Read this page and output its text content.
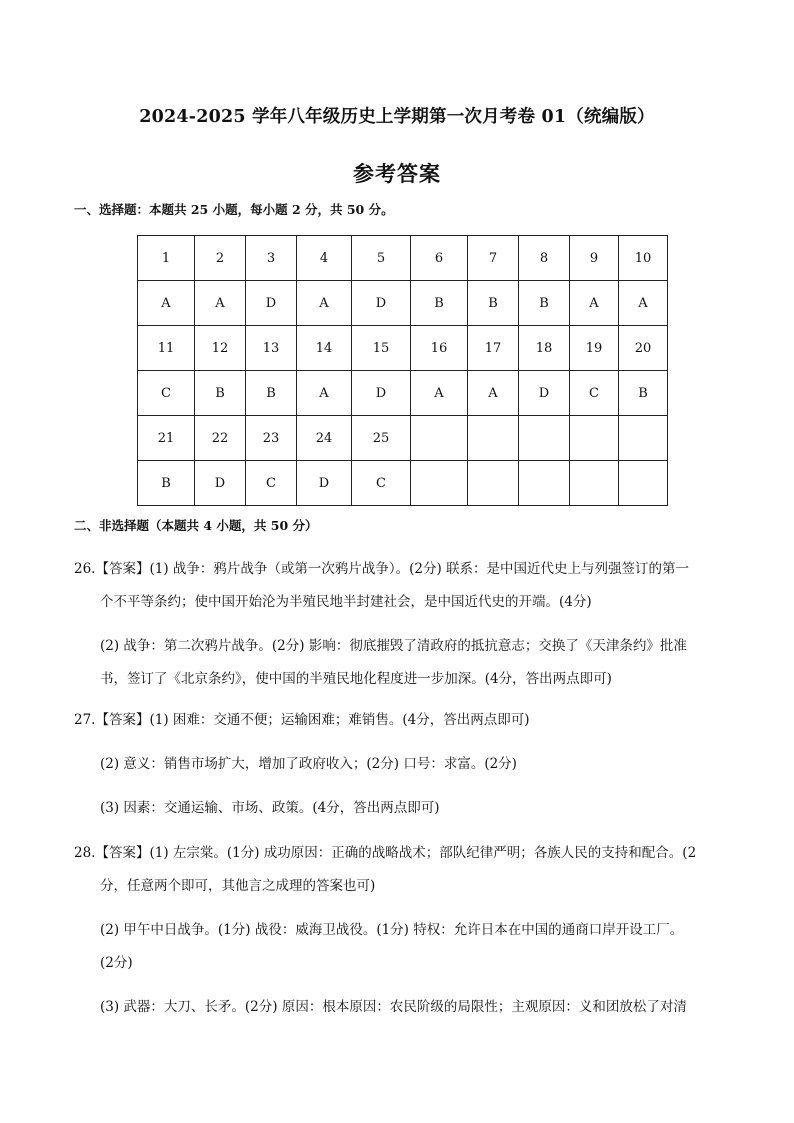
2024-2025 学年八年级历史上学期第一次月考卷 01（统编版）
参考答案
一、选择题：本题共 25 小题，每小题 2 分，共 50 分。
1	2	3	4	5	6	7	8	9	10
A	A	D	A	D	B	B	B	A	A
11	12	13	14	15	16	17	18	19	20
C	B	B	A	D	A	A	D	C	B
21	22	23	24	25					
B	D	C	D	C					
二、非选择题（本题共 4 小题，共 50 分）
26.【答案】(1) 战争：鸦片战争（或第一次鸦片战争）。(2分) 联系：是中国近代史上与列强签订的第一
个不平等条约；使中国开始沦为半殖民地半封建社会，是中国近代史的开端。(4分)
(2) 战争：第二次鸦片战争。(2分) 影响：彻底摧毁了清政府的抵抗意志；交换了《天津条约》批准
书，签订了《北京条约》，使中国的半殖民地化程度进一步加深。(4分，答出两点即可)
27.【答案】(1) 困难：交通不便；运输困难；难销售。(4分，答出两点即可)
(2) 意义：销售市场扩大，增加了政府收入；(2分) 口号：求富。(2分)
(3) 因素：交通运输、市场、政策。(4分，答出两点即可)
28.【答案】(1) 左宗棠。(1分) 成功原因：正确的战略战术；部队纪律严明；各族人民的支持和配合。(2
分，任意两个即可，其他言之成理的答案也可)
(2) 甲午中日战争。(1分) 战役：威海卫战役。(1分) 特权：允许日本在中国的通商口岸开设工厂。
(2分)
(3) 武器：大刀、长矛。(2分) 原因：根本原因：农民阶级的局限性；主观原因：义和团放松了对清
